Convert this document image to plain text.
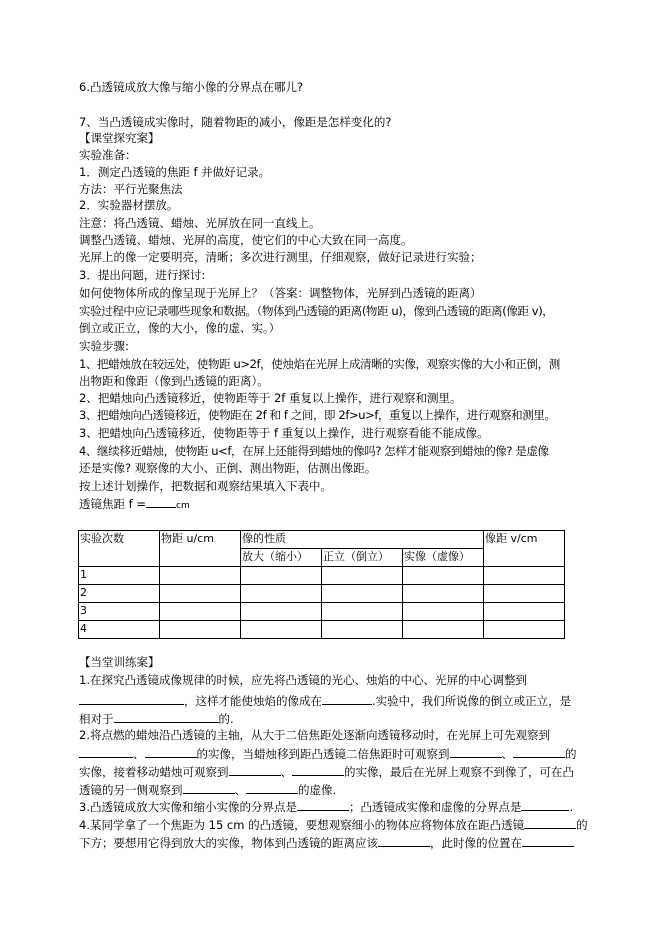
6.凸透镜成放大像与缩小像的分界点在哪儿?
7、当凸透镜成实像时，随着物距的减小，像距是怎样变化的?
【课堂探究案】
实验准备：
1．测定凸透镜的焦距 f 并做好记录。
方法：平行光聚焦法
2．实验器材摆放。
注意：将凸透镜、蜡烛、光屏放在同一直线上。
调整凸透镜、蜡烛、光屏的高度，使它们的中心大致在同一高度。
光屏上的像一定要明亮，清晰；多次进行测里，仔细观察，做好记录进行实验；
3．提出问题，进行探讨:
如何使物体所成的像呈现于光屏上？（答案：调整物体，光屏到凸透镜的距离）
实验过程中应记录哪些现象和数据。（物体到凸透镜的距离(物距 u)，像到凸透镜的距离(像距 v)，
倒立或正立，像的大小，像的虚、实。）
实验步骤:
1、把蜡烛放在较远处，使物距 u>2f，使烛焰在光屏上成清晰的实像，观察实像的大小和正倒，测
出物距和像距（像到凸透镜的距离）。
2、把蜡烛向凸透镜移近，使物距等于 2f 重复以上操作，进行观察和测里。
3、把蜡烛向凸透镜移近，使物距在 2f 和 f 之间，即 2f>u>f，重复以上操作，进行观察和测里。
3、把蜡烛向凸透镜移近，使物距等于 f 重复以上操作，进行观察看能不能成像。
4、继续移近蜡烛，使物距 u<f，在屏上还能得到蜡烛的像吗? 怎样才能观察到蜡烛的像? 是虚像
还是实像? 观察像的大小、正倒、测出物距，估测出像距。
按上述计划操作，把数据和观察结果填入下表中。
透镜焦距 f =	cm
实验次数	物距 u/cm	像的性质			像距 v/cm
		放大（缩小）	正立（倒立）	实像（虚像）	
1					
2					
3					
4					
【当堂训练案】
1.在探究凸透镜成像规律的时候，应先将凸透镜的光心、烛焰的中心、光屏的中心调整到
，这样才能使烛焰的像成在	.实验中，我们所说像的倒立或正立，是
相对于	的.
2.将点燃的蜡烛沿凸透镜的主轴，从大于二倍焦距处逐渐向透镜移动时，在光屏上可先观察到
、	的实像，当蜡烛移到距凸透镜二倍焦距时可观察到	、	的
实像，接着移动蜡烛可观察到	、	的实像，最后在光屏上观察不到像了，可在凸
透镜的另一侧观察到	、	的虚像.
3.凸透镜成放大实像和缩小实像的分界点是	；凸透镜成实像和虚像的分界点是	.
4.某同学拿了一个焦距为 15 cm 的凸透镜，要想观察细小的物体应将物体放在距凸透镜	的
下方；要想用它得到放大的实像，物体到凸透镜的距离应该	，此时像的位置在
